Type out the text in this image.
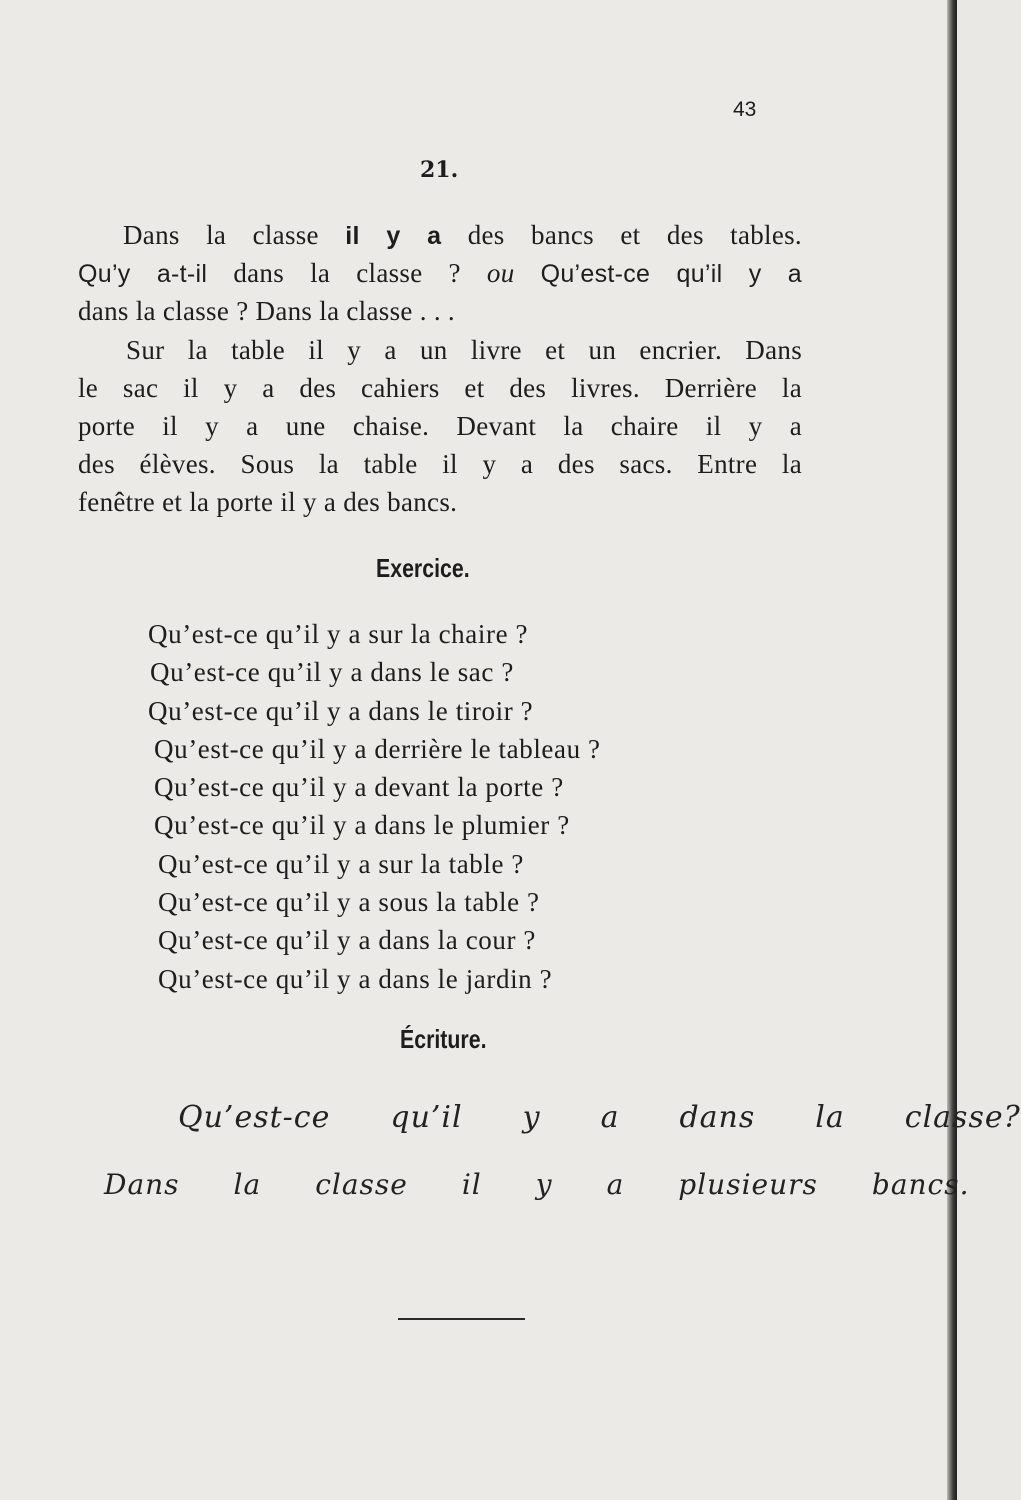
43
21.
Dans la classe il y a des bancs et des tables.
Qu’y a-t-il dans la classe ? ou Qu’est-ce qu’il y a
dans la classe ? Dans la classe . . .
Sur la table il y a un livre et un encrier. Dans
le sac il y a des cahiers et des livres. Derrière la
porte il y a une chaise. Devant la chaire il y a
des élèves. Sous la table il y a des sacs. Entre la
fenêtre et la porte il y a des bancs.
Exercice.
Qu’est-ce qu’il y a sur la chaire ?
Qu’est-ce qu’il y a dans le sac ?
Qu’est-ce qu’il y a dans le tiroir ?
Qu’est-ce qu’il y a derrière le tableau ?
Qu’est-ce qu’il y a devant la porte ?
Qu’est-ce qu’il y a dans le plumier ?
Qu’est-ce qu’il y a sur la table ?
Qu’est-ce qu’il y a sous la table ?
Qu’est-ce qu’il y a dans la cour ?
Qu’est-ce qu’il y a dans le jardin ?
Écriture.
Qu’est-ce qu’il y a dans la classe?
Dans la classe il y a plusieurs bancs.
